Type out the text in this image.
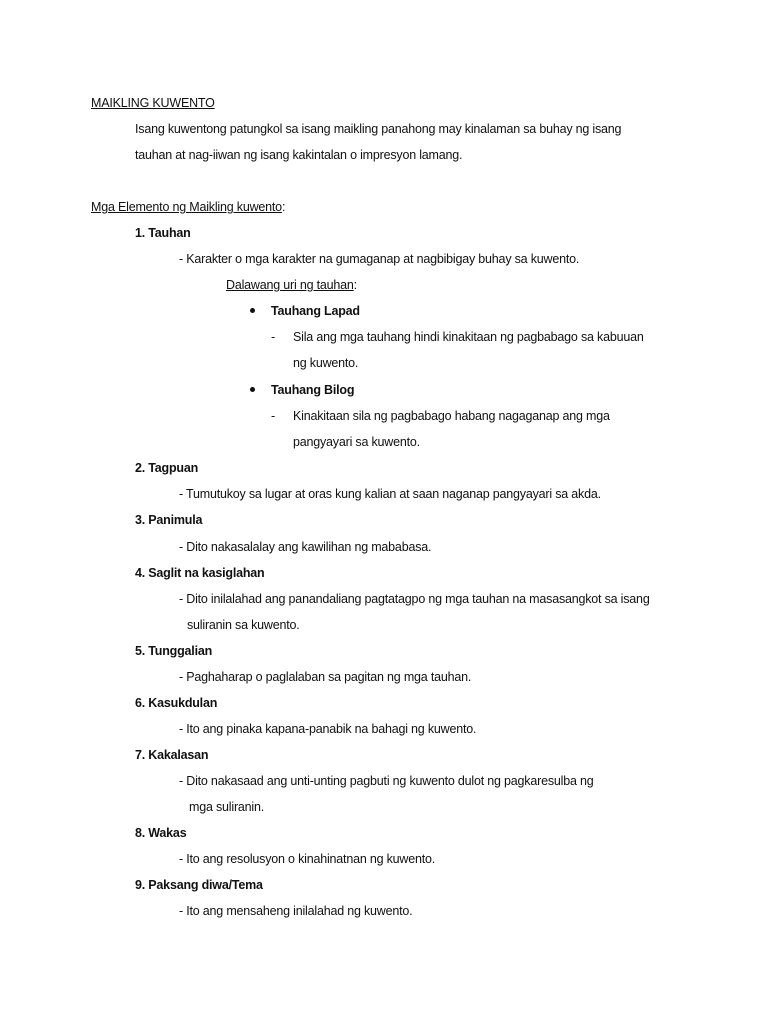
MAIKLING KUWENTO
Isang kuwentong patungkol sa isang maikling panahong may kinalaman sa buhay ng isang
tauhan at nag-iiwan ng isang kakintalan o impresyon lamang.
Mga Elemento ng Maikling kuwento:
1. Tauhan
- Karakter o mga karakter na gumaganap at nagbibigay buhay sa kuwento.
Dalawang uri ng tauhan:
Tauhang Lapad
- Sila ang mga tauhang hindi kinakitaan ng pagbabago sa kabuuan
ng kuwento.
Tauhang Bilog
- Kinakitaan sila ng pagbabago habang nagaganap ang mga
pangyayari sa kuwento.
2. Tagpuan
- Tumutukoy sa lugar at oras kung kalian at saan naganap pangyayari sa akda.
3. Panimula
- Dito nakasalalay ang kawilihan ng mababasa.
4. Saglit na kasiglahan
- Dito inilalahad ang panandaliang pagtatagpo ng mga tauhan na masasangkot sa isang
suliranin sa kuwento.
5. Tunggalian
- Paghaharap o paglalaban sa pagitan ng mga tauhan.
6. Kasukdulan
- Ito ang pinaka kapana-panabik na bahagi ng kuwento.
7. Kakalasan
- Dito nakasaad ang unti-unting pagbuti ng kuwento dulot ng pagkaresulba ng
mga suliranin.
8. Wakas
- Ito ang resolusyon o kinahinatnan ng kuwento.
9. Paksang diwa/Tema
- Ito ang mensaheng inilalahad ng kuwento.
